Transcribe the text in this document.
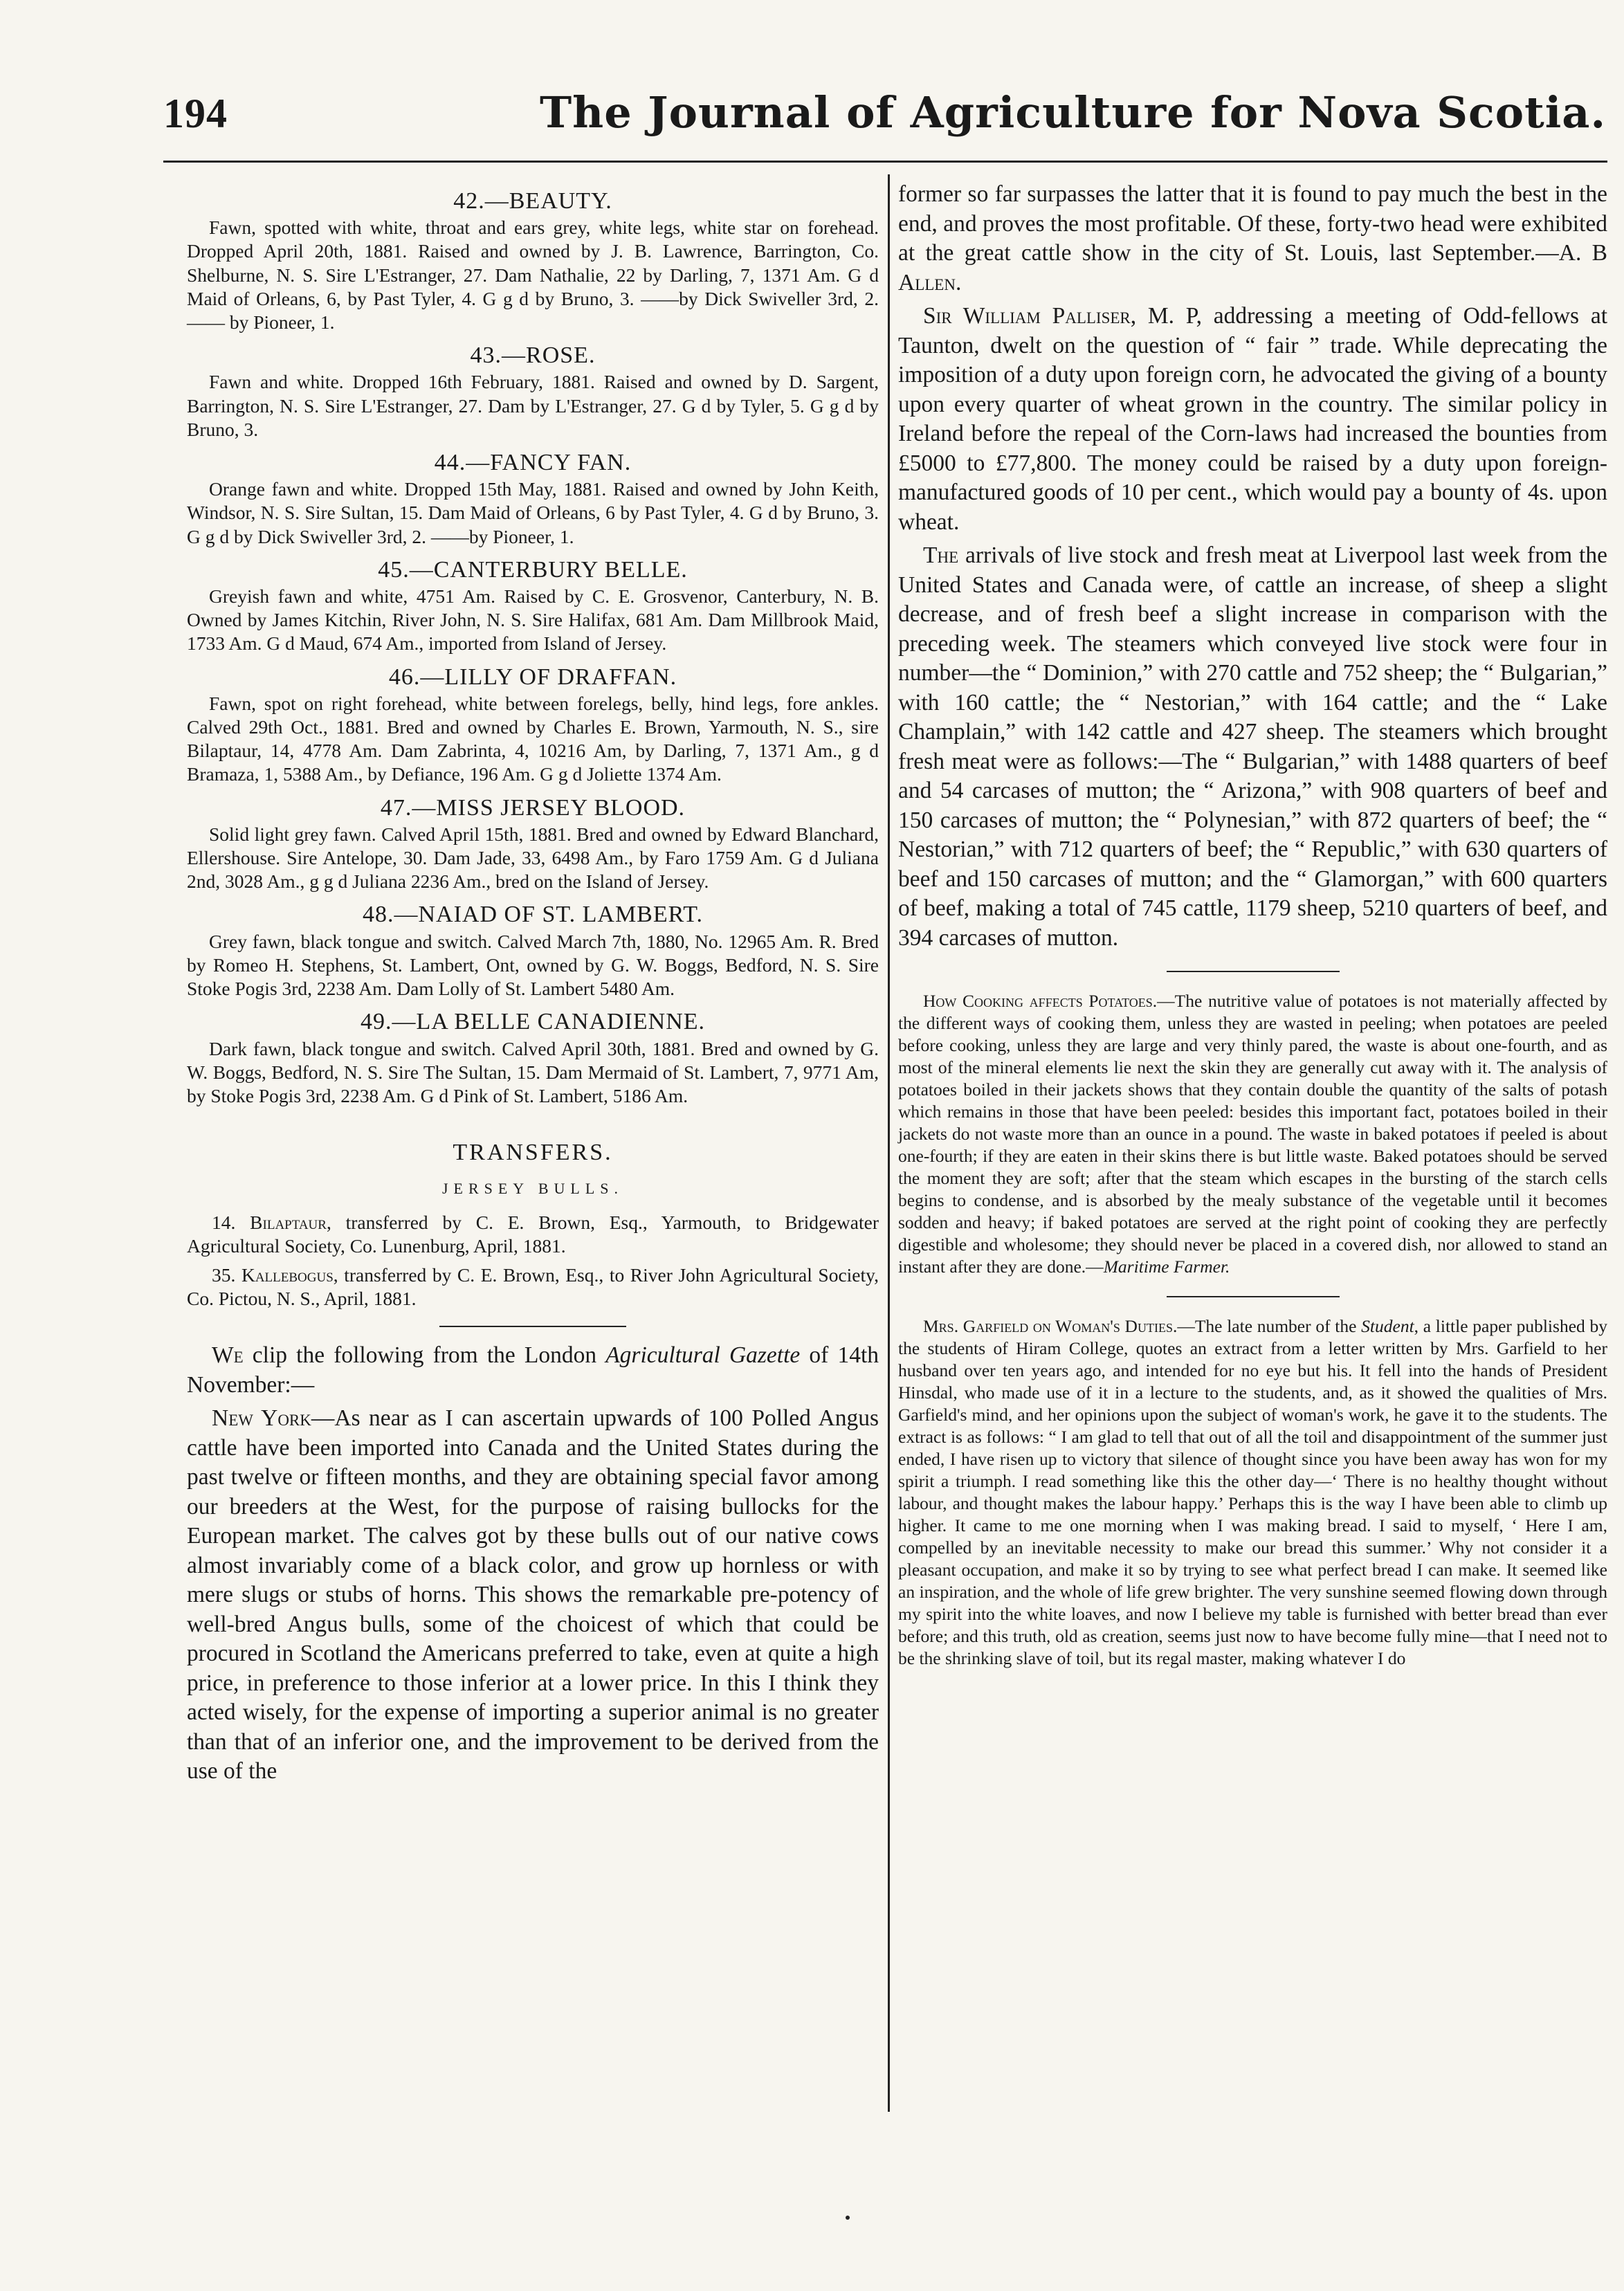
194	The Journal of Agriculture for Nova Scotia.
42.—BEAUTY.

Fawn, spotted with white, throat and ears grey, white legs, white star on forehead. Dropped April 20th, 1881. Raised and owned by J. B. Lawrence, Barrington, Co. Shelburne, N. S. Sire L'Estranger, 27. Dam Nathalie, 22 by Darling, 7, 1371 Am. G d Maid of Orleans, 6, by Past Tyler, 4. G g d by Bruno, 3. ——by Dick Swiveller 3rd, 2. —— by Pioneer, 1.

43.—ROSE.

Fawn and white. Dropped 16th February, 1881. Raised and owned by D. Sargent, Barrington, N. S. Sire L'Estranger, 27. Dam by L'Estranger, 27. G d by Tyler, 5. G g d by Bruno, 3.

44.—FANCY FAN.

Orange fawn and white. Dropped 15th May, 1881. Raised and owned by John Keith, Windsor, N. S. Sire Sultan, 15. Dam Maid of Orleans, 6 by Past Tyler, 4. G d by Bruno, 3. G g d by Dick Swiveller 3rd, 2. ——by Pioneer, 1.

45.—CANTERBURY BELLE.

Greyish fawn and white, 4751 Am. Raised by C. E. Grosvenor, Canterbury, N. B. Owned by James Kitchin, River John, N. S. Sire Halifax, 681 Am. Dam Millbrook Maid, 1733 Am. G d Maud, 674 Am., imported from Island of Jersey.

46.—LILLY OF DRAFFAN.

Fawn, spot on right forehead, white between forelegs, belly, hind legs, fore ankles. Calved 29th Oct., 1881. Bred and owned by Charles E. Brown, Yarmouth, N. S., sire Bilaptaur, 14, 4778 Am. Dam Zabrinta, 4, 10216 Am, by Darling, 7, 1371 Am., g d Bramaza, 1, 5388 Am., by Defiance, 196 Am. G g d Joliette 1374 Am.

47.—MISS JERSEY BLOOD.

Solid light grey fawn. Calved April 15th, 1881. Bred and owned by Edward Blanchard, Ellershouse. Sire Antelope, 30. Dam Jade, 33, 6498 Am., by Faro 1759 Am. G d Juliana 2nd, 3028 Am., g g d Juliana 2236 Am., bred on the Island of Jersey.

48.—NAIAD OF ST. LAMBERT.

Grey fawn, black tongue and switch. Calved March 7th, 1880, No. 12965 Am. R. Bred by Romeo H. Stephens, St. Lambert, Ont, owned by G. W. Boggs, Bedford, N. S. Sire Stoke Pogis 3rd, 2238 Am. Dam Lolly of St. Lambert 5480 Am.

49.—LA BELLE CANADIENNE.

Dark fawn, black tongue and switch. Calved April 30th, 1881. Bred and owned by G. W. Boggs, Bedford, N. S. Sire The Sultan, 15. Dam Mermaid of St. Lambert, 7, 9771 Am, by Stoke Pogis 3rd, 2238 Am. G d Pink of St. Lambert, 5186 Am.

TRANSFERS.
JERSEY BULLS.

14. Bilaptaur, transferred by C. E. Brown, Esq., Yarmouth, to Bridgewater Agricultural Society, Co. Lunenburg, April, 1881.

35. Kallebogus, transferred by C. E. Brown, Esq., to River John Agricultural Society, Co. Pictou, N. S., April, 1881.

We clip the following from the London Agricultural Gazette of 14th November:—

New York—As near as I can ascertain upwards of 100 Polled Angus cattle have been imported into Canada and the United States during the past twelve or fifteen months, and they are obtaining special favor among our breeders at the West, for the purpose of raising bullocks for the European market. The calves got by these bulls out of our native cows almost invariably come of a black color, and grow up hornless or with mere slugs or stubs of horns. This shows the remarkable pre-potency of well-bred Angus bulls, some of the choicest of which that could be procured in Scotland the Americans preferred to take, even at quite a high price, in preference to those inferior at a lower price. In this I think they acted wisely, for the expense of importing a superior animal is no greater than that of an inferior one, and the improvement to be derived from the use of the

former so far surpasses the latter that it is found to pay much the best in the end, and proves the most profitable. Of these, forty-two head were exhibited at the great cattle show in the city of St. Louis, last September.—A. B Allen.

Sir William Palliser, M. P, addressing a meeting of Odd-fellows at Taunton, dwelt on the question of “ fair ” trade. While deprecating the imposition of a duty upon foreign corn, he advocated the giving of a bounty upon every quarter of wheat grown in the country. The similar policy in Ireland before the repeal of the Corn-laws had increased the bounties from £5000 to £77,800. The money could be raised by a duty upon foreign-manufactured goods of 10 per cent., which would pay a bounty of 4s. upon wheat.

The arrivals of live stock and fresh meat at Liverpool last week from the United States and Canada were, of cattle an increase, of sheep a slight decrease, and of fresh beef a slight increase in comparison with the preceding week. The steamers which conveyed live stock were four in number—the “ Dominion,” with 270 cattle and 752 sheep; the “ Bulgarian,” with 160 cattle; the “ Nestorian,” with 164 cattle; and the “ Lake Champlain,” with 142 cattle and 427 sheep. The steamers which brought fresh meat were as follows:—The “ Bulgarian,” with 1488 quarters of beef and 54 carcases of mutton; the “ Arizona,” with 908 quarters of beef and 150 carcases of mutton; the “ Polynesian,” with 872 quarters of beef; the “ Nestorian,” with 712 quarters of beef; the “ Republic,” with 630 quarters of beef and 150 carcases of mutton; and the “ Glamorgan,” with 600 quarters of beef, making a total of 745 cattle, 1179 sheep, 5210 quarters of beef, and 394 carcases of mutton.

How Cooking affects Potatoes.—The nutritive value of potatoes is not materially affected by the different ways of cooking them, unless they are wasted in peeling; when potatoes are peeled before cooking, unless they are large and very thinly pared, the waste is about one-fourth, and as most of the mineral elements lie next the skin they are generally cut away with it. The analysis of potatoes boiled in their jackets shows that they contain double the quantity of the salts of potash which remains in those that have been peeled: besides this important fact, potatoes boiled in their jackets do not waste more than an ounce in a pound. The waste in baked potatoes if peeled is about one-fourth; if they are eaten in their skins there is but little waste. Baked potatoes should be served the moment they are soft; after that the steam which escapes in the bursting of the starch cells begins to condense, and is absorbed by the mealy substance of the vegetable until it becomes sodden and heavy; if baked potatoes are served at the right point of cooking they are perfectly digestible and wholesome; they should never be placed in a covered dish, nor allowed to stand an instant after they are done.—Maritime Farmer.

Mrs. Garfield on Woman's Duties.—The late number of the Student, a little paper published by the students of Hiram College, quotes an extract from a letter written by Mrs. Garfield to her husband over ten years ago, and intended for no eye but his. It fell into the hands of President Hinsdal, who made use of it in a lecture to the students, and, as it showed the qualities of Mrs. Garfield's mind, and her opinions upon the subject of woman's work, he gave it to the students. The extract is as follows: “ I am glad to tell that out of all the toil and disappointment of the summer just ended, I have risen up to victory that silence of thought since you have been away has won for my spirit a triumph. I read something like this the other day—‘ There is no healthy thought without labour, and thought makes the labour happy.’ Perhaps this is the way I have been able to climb up higher. It came to me one morning when I was making bread. I said to myself, ‘ Here I am, compelled by an inevitable necessity to make our bread this summer.’ Why not consider it a pleasant occupation, and make it so by trying to see what perfect bread I can make. It seemed like an inspiration, and the whole of life grew brighter. The very sunshine seemed flowing down through my spirit into the white loaves, and now I believe my table is furnished with better bread than ever before; and this truth, old as creation, seems just now to have become fully mine—that I need not to be the shrinking slave of toil, but its regal master, making whatever I do
